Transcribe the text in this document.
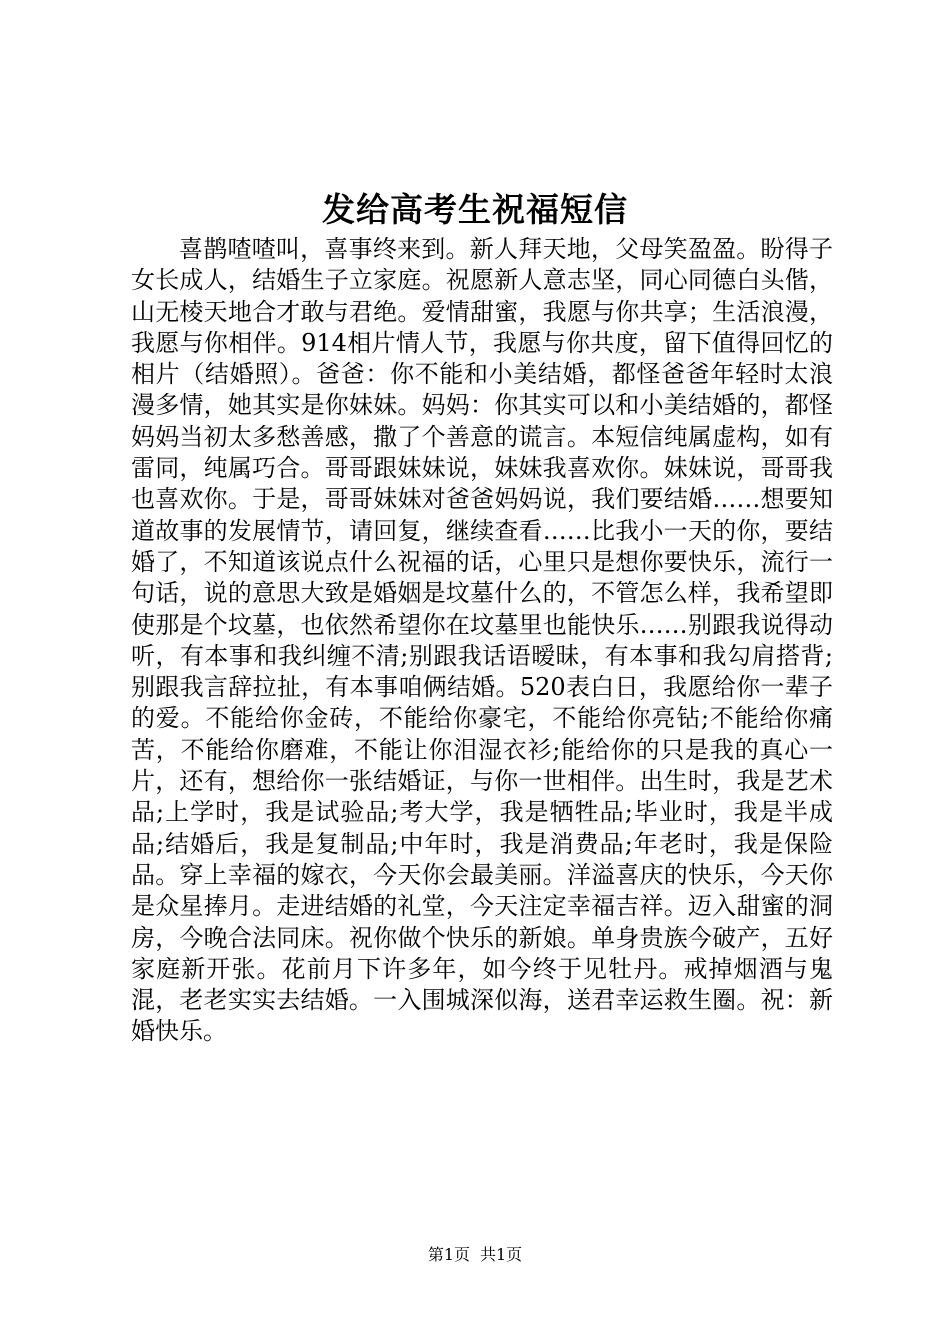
发给高考生祝福短信

喜鹊喳喳叫，喜事终来到。新人拜天地，父母笑盈盈。盼得子女长成人，结婚生子立家庭。祝愿新人意志坚，同心同德白头偕，山无棱天地合才敢与君绝。爱情甜蜜，我愿与你共享；生活浪漫，我愿与你相伴。914相片情人节，我愿与你共度，留下值得回忆的相片（结婚照）。爸爸：你不能和小美结婚，都怪爸爸年轻时太浪漫多情，她其实是你妹妹。妈妈：你其实可以和小美结婚的，都怪妈妈当初太多愁善感，撒了个善意的谎言。本短信纯属虚构，如有雷同，纯属巧合。哥哥跟妹妹说，妹妹我喜欢你。妹妹说，哥哥我也喜欢你。于是，哥哥妹妹对爸爸妈妈说，我们要结婚……想要知道故事的发展情节，请回复，继续查看……比我小一天的你，要结婚了，不知道该说点什么祝福的话，心里只是想你要快乐，流行一句话，说的意思大致是婚姻是坟墓什么的，不管怎么样，我希望即使那是个坟墓，也依然希望你在坟墓里也能快乐……别跟我说得动听，有本事和我纠缠不清;别跟我话语暧昧，有本事和我勾肩搭背;别跟我言辞拉扯，有本事咱俩结婚。520表白日，我愿给你一辈子的爱。不能给你金砖，不能给你豪宅，不能给你亮钻;不能给你痛苦，不能给你磨难，不能让你泪湿衣衫;能给你的只是我的真心一片，还有，想给你一张结婚证，与你一世相伴。出生时，我是艺术品;上学时，我是试验品;考大学，我是牺牲品;毕业时，我是半成品;结婚后，我是复制品;中年时，我是消费品;年老时，我是保险品。穿上幸福的嫁衣，今天你会最美丽。洋溢喜庆的快乐，今天你是众星捧月。走进结婚的礼堂，今天注定幸福吉祥。迈入甜蜜的洞房，今晚合法同床。祝你做个快乐的新娘。单身贵族今破产，五好家庭新开张。花前月下许多年，如今终于见牡丹。戒掉烟酒与鬼混，老老实实去结婚。一入围城深似海，送君幸运救生圈。祝：新婚快乐。

第1页 共1页
